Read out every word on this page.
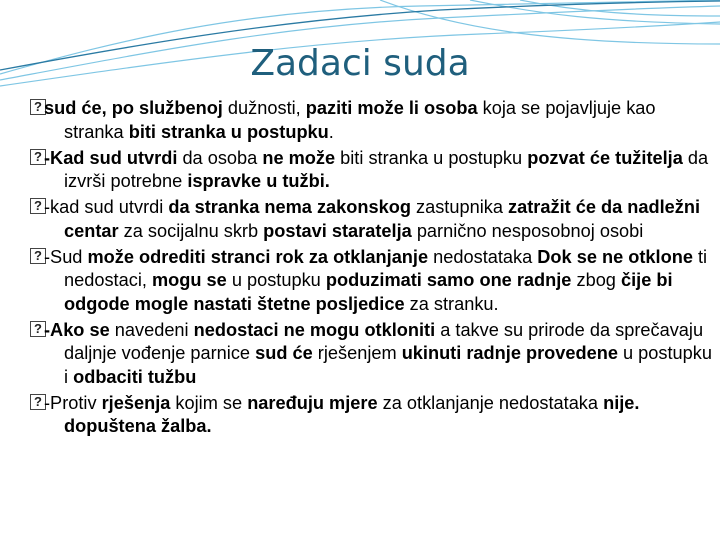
Zadaci suda
? sud će, po službenoj dužnosti, paziti može li osoba koja se pojavljuje kao stranka biti stranka u postupku.
? -Kad sud utvrdi da osoba ne može biti stranka u postupku pozvat će tužitelja da izvrši potrebne ispravke u tužbi.
? -kad sud utvrdi da stranka nema zakonskog zastupnika zatražit će da nadležni centar za socijalnu skrb postavi staratelja parnično nesposobnoj osobi
? -Sud može odrediti stranci rok za otklanjanje nedostataka Dok se ne otklone ti nedostaci, mogu se u postupku poduzimati samo one radnje zbog čije bi odgode mogle nastati štetne posljedice za stranku.
? -Ako se navedeni nedostaci ne mogu otkloniti a takve su prirode da sprečavaju daljnje vođenje parnice sud će rješenjem ukinuti radnje provedene u postupku i odbaciti tužbu
? -Protiv rješenja kojim se naređuju mjere za otklanjanje nedostataka nije. dopuštena žalba.
